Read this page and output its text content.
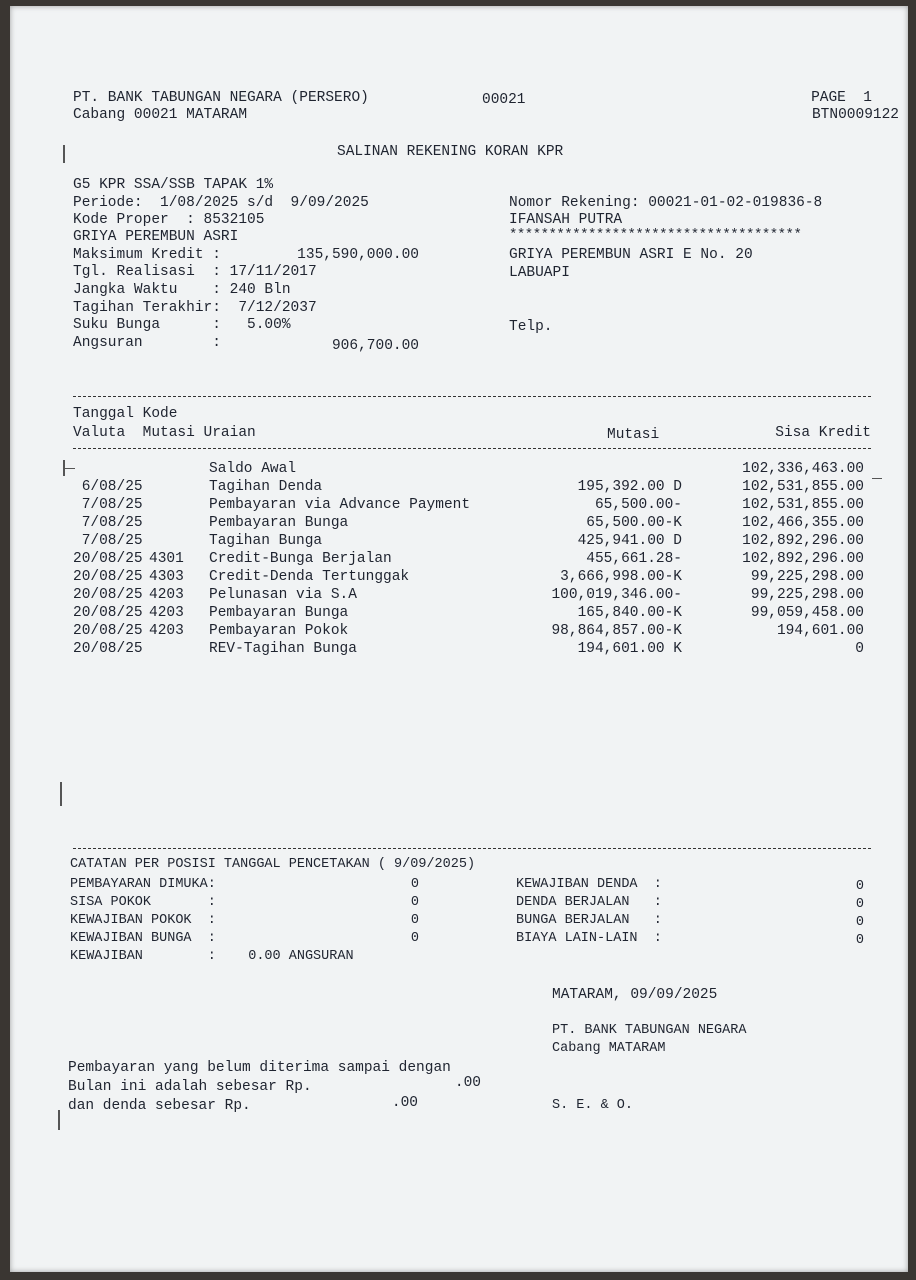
PT. BANK TABUNGAN NEGARA (PERSERO)
Cabang 00021 MATARAM
00021	PAGE  1
BTN0009122
SALINAN REKENING KORAN KPR
G5 KPR SSA/SSB TAPAK 1%
Periode:  1/08/2025 s/d  9/09/2025
Kode Proper  : 8532105
GRIYA PEREMBUN ASRI
Maksimum Kredit :	135,590,000.00
Tgl. Realisasi  : 17/11/2017
Jangka Waktu    : 240 Bln
Tagihan Terakhir:  7/12/2037
Suku Bunga      :   5.00%
Angsuran        :	906,700.00
Nomor Rekening: 00021-01-02-019836-8
IFANSAH PUTRA
*************************************
GRIYA PEREMBUN ASRI E No. 20
LABUAPI
Telp.
Tanggal Kode
Valuta  Mutasi Uraian	Mutasi	Sisa Kredit
Saldo Awal	102,336,463.00
6/08/25	Tagihan Denda	195,392.00 D	102,531,855.00
7/08/25	Pembayaran via Advance Payment	65,500.00-	102,531,855.00
7/08/25	Pembayaran Bunga	65,500.00-K	102,466,355.00
7/08/25	Tagihan Bunga	425,941.00 D	102,892,296.00
20/08/25 4301 Credit-Bunga Berjalan	455,661.28-	102,892,296.00
20/08/25 4303 Credit-Denda Tertunggak	3,666,998.00-K	99,225,298.00
20/08/25 4203 Pelunasan via S.A	100,019,346.00-	99,225,298.00
20/08/25 4203 Pembayaran Bunga	165,840.00-K	99,059,458.00
20/08/25 4203 Pembayaran Pokok	98,864,857.00-K	194,601.00
20/08/25	REV-Tagihan Bunga	194,601.00 K	0
CATATAN PER POSISI TANGGAL PENCETAKAN ( 9/09/2025)
PEMBAYARAN DIMUKA:	0
SISA POKOK       :	0
KEWAJIBAN POKOK  :	0
KEWAJIBAN BUNGA  :	0
KEWAJIBAN DENDA  :	0
DENDA BERJALAN   :	0
BUNGA BERJALAN   :	0
BIAYA LAIN-LAIN  :	0
KEWAJIBAN        :    0.00 ANGSURAN
MATARAM, 09/09/2025
PT. BANK TABUNGAN NEGARA
Cabang MATARAM
S. E. & O.
Pembayaran yang belum diterima sampai dengan
Bulan ini adalah sebesar Rp.	.00
dan denda sebesar Rp.	.00
